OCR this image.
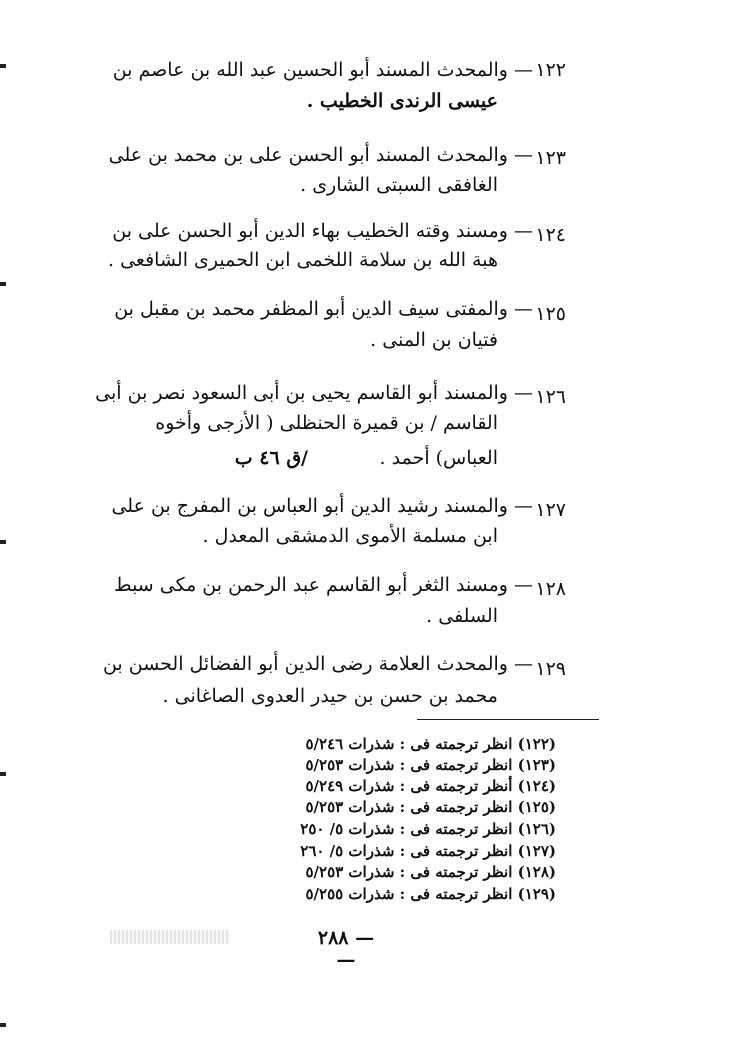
١٢٢
— والمحدث المسند أبو الحسين عبد الله بن عاصم بن
عيسى الرندى الخطيب .
١٢٣
— والمحدث المسند أبو الحسن على بن محمد بن على
الغافقى السبتى الشارى .
١٢٤
— ومسند وقته الخطيب بهاء الدين أبو الحسن على بن
هبة الله بن سلامة اللخمى ابن الحميرى الشافعى .
١٢٥
— والمفتى سيف الدين أبو المظفر محمد بن مقبل بن
فتيان بن المنى .
١٢٦
— والمسند أبو القاسم يحيى بن أبى السعود نصر بن أبى
القاسم / بن قميرة الحنظلى ( الأزجى وأخوه
العباس) أحمد .
/ق ٤٦ ب
١٢٧
— والمسند رشيد الدين أبو العباس بن المفرج بن على
ابن مسلمة الأموى الدمشقى المعدل .
١٢٨
— ومسند الثغر أبو القاسم عبد الرحمن بن مكى سبط
السلفى .
١٢٩
— والمحدث العلامة رضى الدين أبو الفضائل الحسن بن
محمد بن حسن بن حيدر العدوى الصاغانى .
(١٢٢) انظر ترجمته فى : شذرات ٥/٢٤٦
(١٢٣) انظر ترجمته فى : شذرات ٥/٢٥٣
(١٢٤) أنظر ترجمته فى : شذرات ٥/٢٤٩
(١٢٥) انظر ترجمته فى : شذرات ٥/٢٥٣
(١٢٦) انظر ترجمته فى : شذرات ٥/ ٢٥٠
(١٢٧) انظر ترجمته فى : شذرات ٥/ ٢٦٠
(١٢٨) انظر ترجمته فى : شذرات ٥/٢٥٣
(١٢٩) انظر ترجمته فى : شذرات ٥/٢٥٥
— ٢٨٨ —
